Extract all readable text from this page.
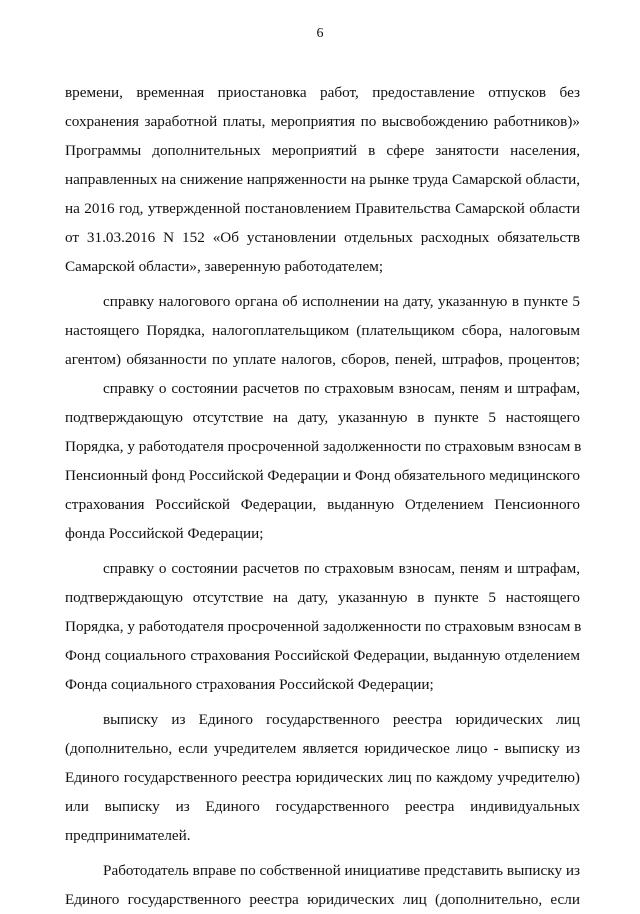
6
времени, временная приостановка работ, предоставление отпусков без
сохранения заработной платы, мероприятия по высвобождению работников)»
Программы дополнительных мероприятий в сфере занятости населения,
направленных на снижение напряженности на рынке труда Самарской области,
на 2016 год, утвержденной постановлением Правительства Самарской области
от 31.03.2016 N 152 «Об установлении отдельных расходных обязательств
Самарской области», заверенную работодателем;
справку налогового органа об исполнении на дату, указанную в пункте 5
настоящего Порядка, налогоплательщиком (плательщиком сбора, налоговым
агентом) обязанности по уплате налогов, сборов, пеней, штрафов, процентов;
справку о состоянии расчетов по страховым взносам, пеням и штрафам,
подтверждающую отсутствие на дату, указанную в пункте 5 настоящего
Порядка, у работодателя просроченной задолженности по страховым взносам в
Пенсионный фонд Российской Федерации и Фонд обязательного медицинского
страхования Российской Федерации, выданную Отделением Пенсионного
фонда Российской Федерации;
справку о состоянии расчетов по страховым взносам, пеням и штрафам,
подтверждающую отсутствие на дату, указанную в пункте 5 настоящего
Порядка, у работодателя просроченной задолженности по страховым взносам в
Фонд социального страхования Российской Федерации, выданную отделением
Фонда социального страхования Российской Федерации;
выписку из Единого государственного реестра юридических лиц
(дополнительно, если учредителем является юридическое лицо - выписку из
Единого государственного реестра юридических лиц по каждому учредителю)
или выписку из Единого государственного реестра индивидуальных
предпринимателей.
Работодатель вправе по собственной инициативе представить выписку из
Единого государственного реестра юридических лиц (дополнительно, если
